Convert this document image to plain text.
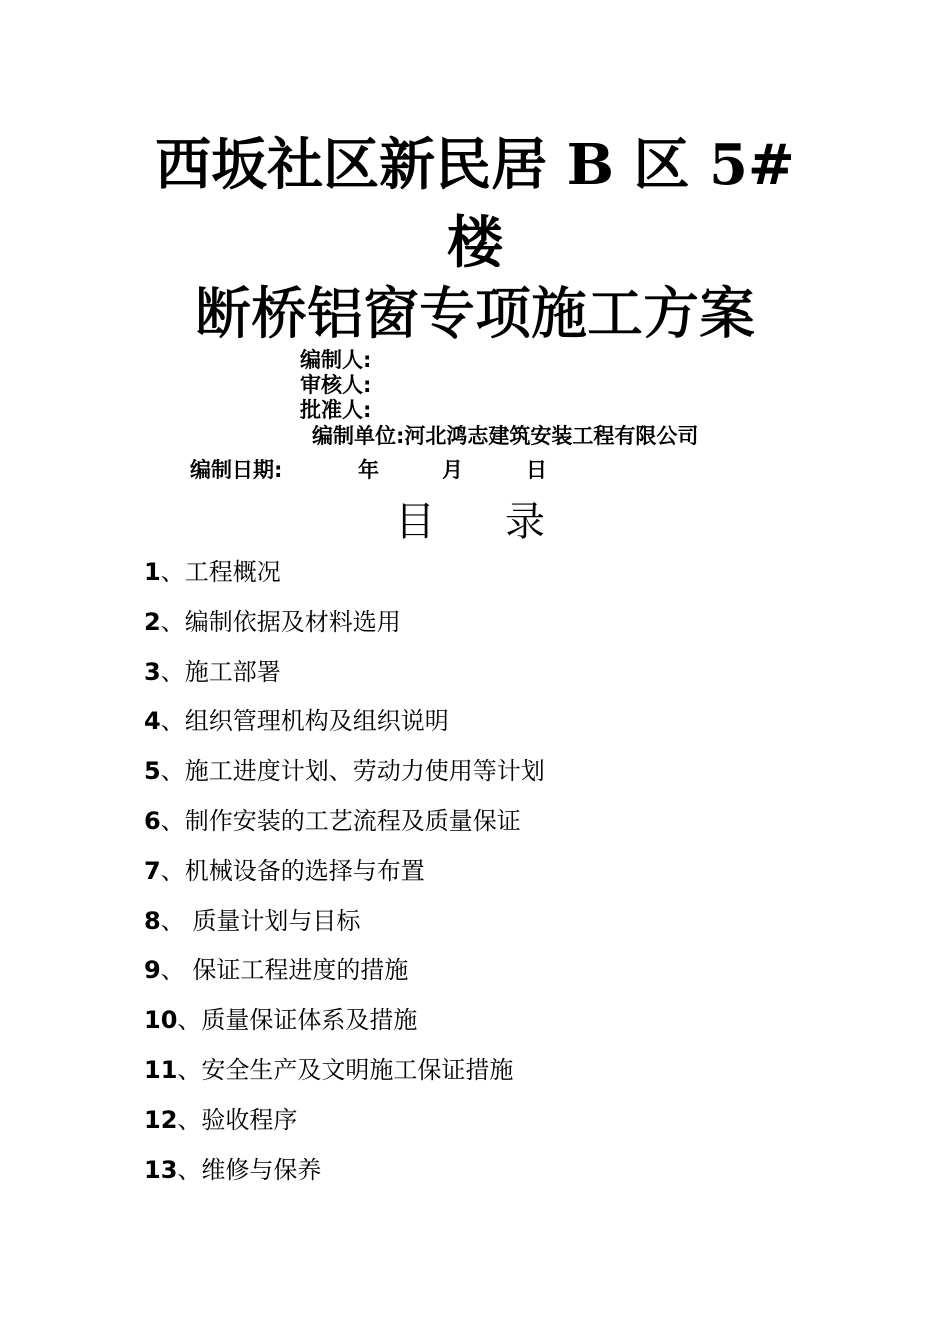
西坂社区新民居 B 区 5#
楼
断桥铝窗专项施工方案
编制人:
审核人:
批准人:
编制单位:河北鸿志建筑安装工程有限公司
编制日期:	年	月	日
目录
1、工程概况
2、编制依据及材料选用
3、施工部署
4、组织管理机构及组织说明
5、施工进度计划、劳动力使用等计划
6、制作安装的工艺流程及质量保证
7、机械设备的选择与布置
8、 质量计划与目标
9、 保证工程进度的措施
10、质量保证体系及措施
11、安全生产及文明施工保证措施
12、验收程序
13、维修与保养
